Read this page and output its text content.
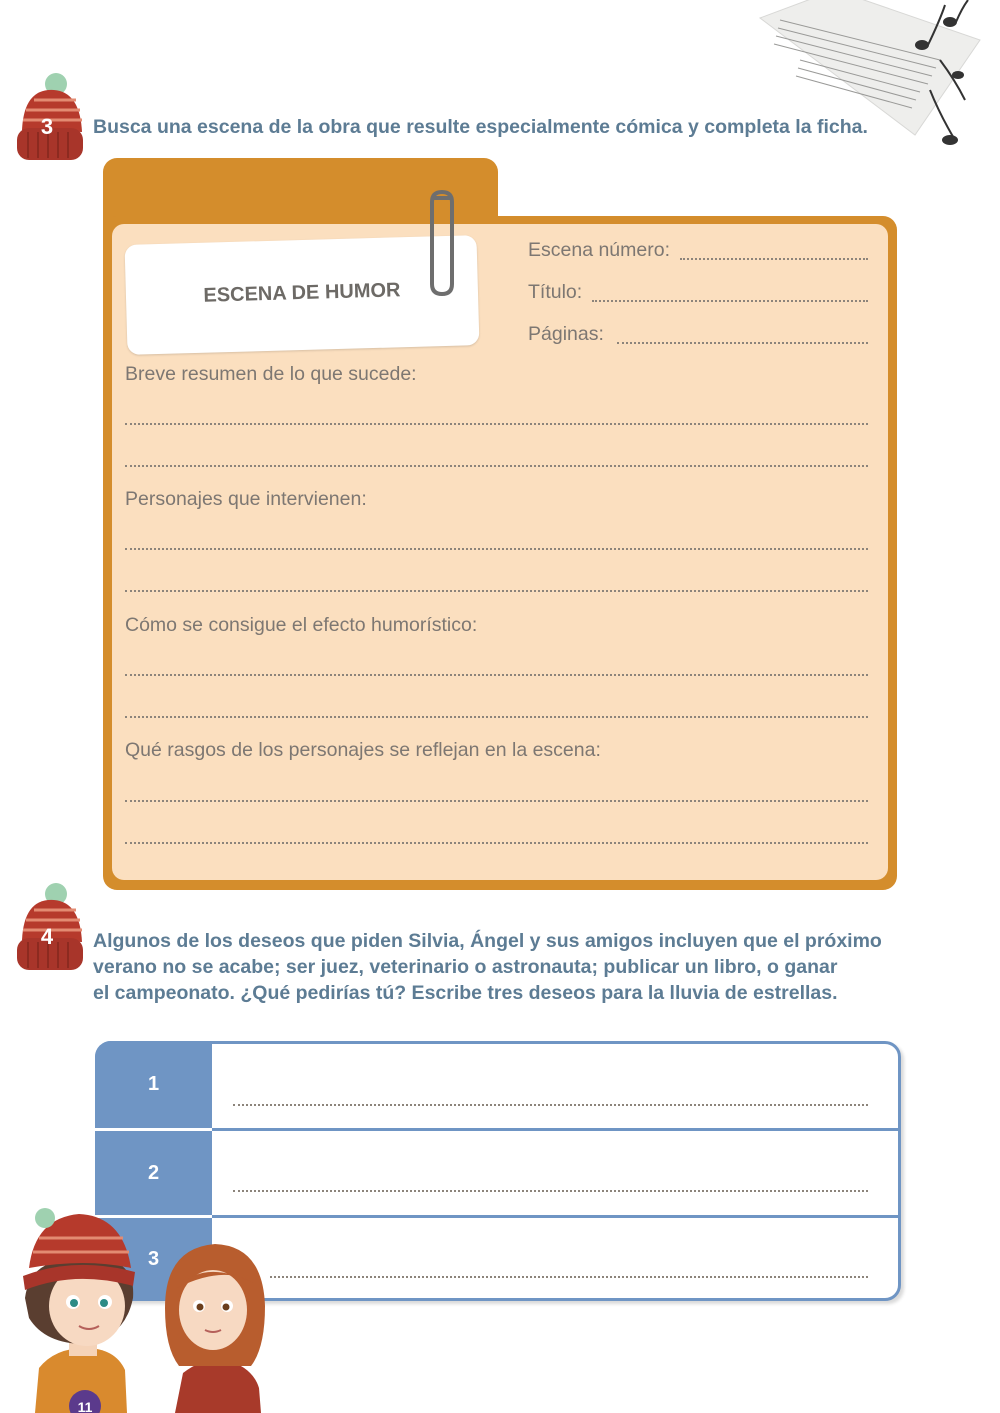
3	Busca una escena de la obra que resulte especialmente cómica y completa la ficha.
ESCENA DE HUMOR
Escena número:
Título:
Páginas:
Breve resumen de lo que sucede:
Personajes que intervienen:
Cómo se consigue el efecto humorístico:
Qué rasgos de los personajes se reflejan en la escena:
4	Algunos de los deseos que piden Silvia, Ángel y sus amigos incluyen que el próximo
verano no se acabe; ser juez, veterinario o astronauta; publicar un libro, o ganar
el campeonato. ¿Qué pedirías tú? Escribe tres deseos para la lluvia de estrellas.
1
2
3
11
